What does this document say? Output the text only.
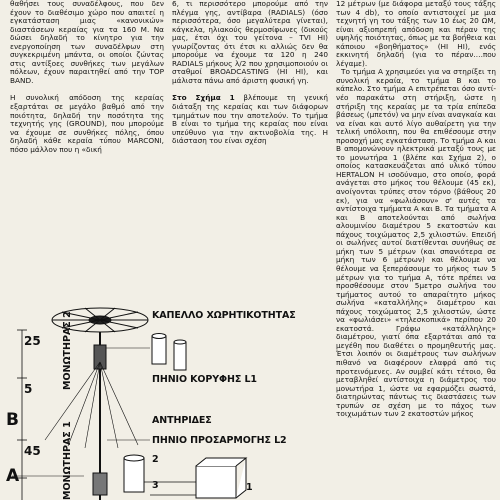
θαθήσει τους συναδέλφους, που δεν έχουν το διαθέσιμο χώρο που απαιτεί η εγκατάσταση μιας «κανονικών» διαστάσεων κεραίας για τα 160 M. Να δώσει δηλαδή το κίνητρο για την ενεργοποίηση των συναδέλφων στη συγκεκριμένη μπάντα, οι οποίοι ζώντας στις αντίξοες συνθήκες των μεγάλων πόλεων, έχουν παραιτηθεί από την TOP BAND.

Η συνολική απόδοση της κεραίας εξαρτάται σε μεγάλο βαθμό από την ποιότητα, δηλαδή την ποσότητα της τεχνητής γης (GROUND), που μπορούμε να έχουμε σε συνθήκες πόλης, όπου δηλαδή κάθε κεραία τύπου MARCONI, πόσο μάλλον που η «δική

6, τι περισσότερο μπορούμε από την πλέγμα γης, αντίβαρα (RADIALS) (όσο περισσότερα, όσο μεγαλύτερα γίνεται), κάγκελα, ηλιακούς θερμοσίφωνες (δικούς μας, έτσι όχι του γείτονα – ΤVI HI) γνωρίζοντας ότι έτσι κι αλλιώς δεν θα μπορούμε να έχουμε τα 120 η 240 RADIALS μήκους λ/2 που χρησιμοποιούν οι σταθμοί BROADCASTING (ΗΙ ΗΙ), και μάλιστα πάνω από άριστη φυσική γη.

Στο Σχήμα 1 βλέπουμε τη γενική διάταξη της κεραίας και των διάφορων τμημάτων που την αποτελούν. Το τμήμα Β είναι το τμήμα της κεραίας που είναι υπεύθυνο για την ακτινοβολία της. Η διάσταση του είναι σχέση

12 μέτρων (με διάφορα μεταξύ τους τάξης των 4 db), το οποίο αντιστοιχεί με μια τεχνητή γη του τάξης των 10 έως 20 ΩΜ, είναι αξιοπρεπή απόδοση και πέραν της υψηλής ποιότητας, όπως με τα βοήθεια και κάποιου «βοηθήματος» (HI HI), ενός εκκινητή δηλαδή (για το πέραν….που λέγαμε).

Το τμήμα Α χρησιμεύει για να στηρίξει τη συνολική κεραία, το τμήμα Β και το κάπελο. Στο τμήμα Α επιτρέπεται όσο αντί-νέο παρακάτω στη στήριξη, ώστε η στήριξη της κεραίας με τα τρία επίπεδα βάσεως (μπετόν) να μην είναι αναγκαία και να είναι και αυτό λίγο αυθαίρετη για την τελική υπόλοιπη, που θα επιθέσουμε στην προσοχή μας εγκατάσταση. Το τμήμα Α και Β απομονώνουν ηλεκτρικά μεταξύ τους με το μονωτήρα 1 (βλέπε και Σχήμα 2), ο οποίος κατασκευάζεται από υλικό τύπου HERTALON Η ισοδύναμο, στο οποίο, φορά ανάγεται στο μήκος του θέλουμε (45 εκ), ανοίγονται τρύπες στον τόρνο (βάθους 20 εκ), για να «φωλιάσουν» σ' αυτές τα αντίστοιχα τμήματα Α και Β. Τα τμήματα Α και Β αποτελούνται από σωλήνα αλουμινίου διαμέτρου 5 εκατοστών και πάχους τοιχώματος 2,5 χιλιοστών. Επειδή οι σωλήνες αυτοί διατίθενται συνήθως σε μήκη των 5 μέτρων (και σπανιότερα σε μήκη των 6 μέτρων) και θέλουμε να θέλουμε να ξεπεράσουμε το μήκος των 5 μέτρων για το τμήμα Α, τότε πρέπει να προσθέσουμε στον 5μετρο σωλήνα του τμήματος αυτού το απαραίτητο μήκος σωλήνα «καταλλήλης» διαμέτρου και πάχους τοιχώματος 2,5 χιλιοστών, ώστε να «φωλιάσει» «τηλεσκοπικά» περίπου 20 εκατοστά. Γράφω «κατάλληλης» διαμέτρου, γιατί όπα εξαρτάται από τα μεγέθη που διαθέτει ο προμηθευτής μας. Έτσι λοιπόν οι διαμέτρους των σωλήνων πιθανό να διαφέρουν ελαφρά από τις προτεινόμενες. Αν συμβεί κάτι τέτοιο, θα μεταβληθεί αντίστοιχα η διάμετρος του μονωτήρα 1, ώστε να εφαρμόζει σωστά, διατηρώντας πάντως τις διαστάσεις των τρυπών σε σχέση με το πάχος των τοιχωμάτων των 2 εκατοστών μήκος

ΚΑΠΕΛΛΟ ΧΩΡΗΤΙΚΟΤΗΤΑΣ
ΠΗΝΙΟ ΚΟΡΥΦΗΣ L1
ΑΝΤΗΡΙΔΕΣ
ΠΗΝΙΟ ΠΡΟΣΑΡΜΟΓΗΣ L2
25
5
45
Β
Α
ΜΟΝΩΤΗΡΑΣ 2
ΜΟΝΩΤΗΡΑΣ 1	2
3	1
